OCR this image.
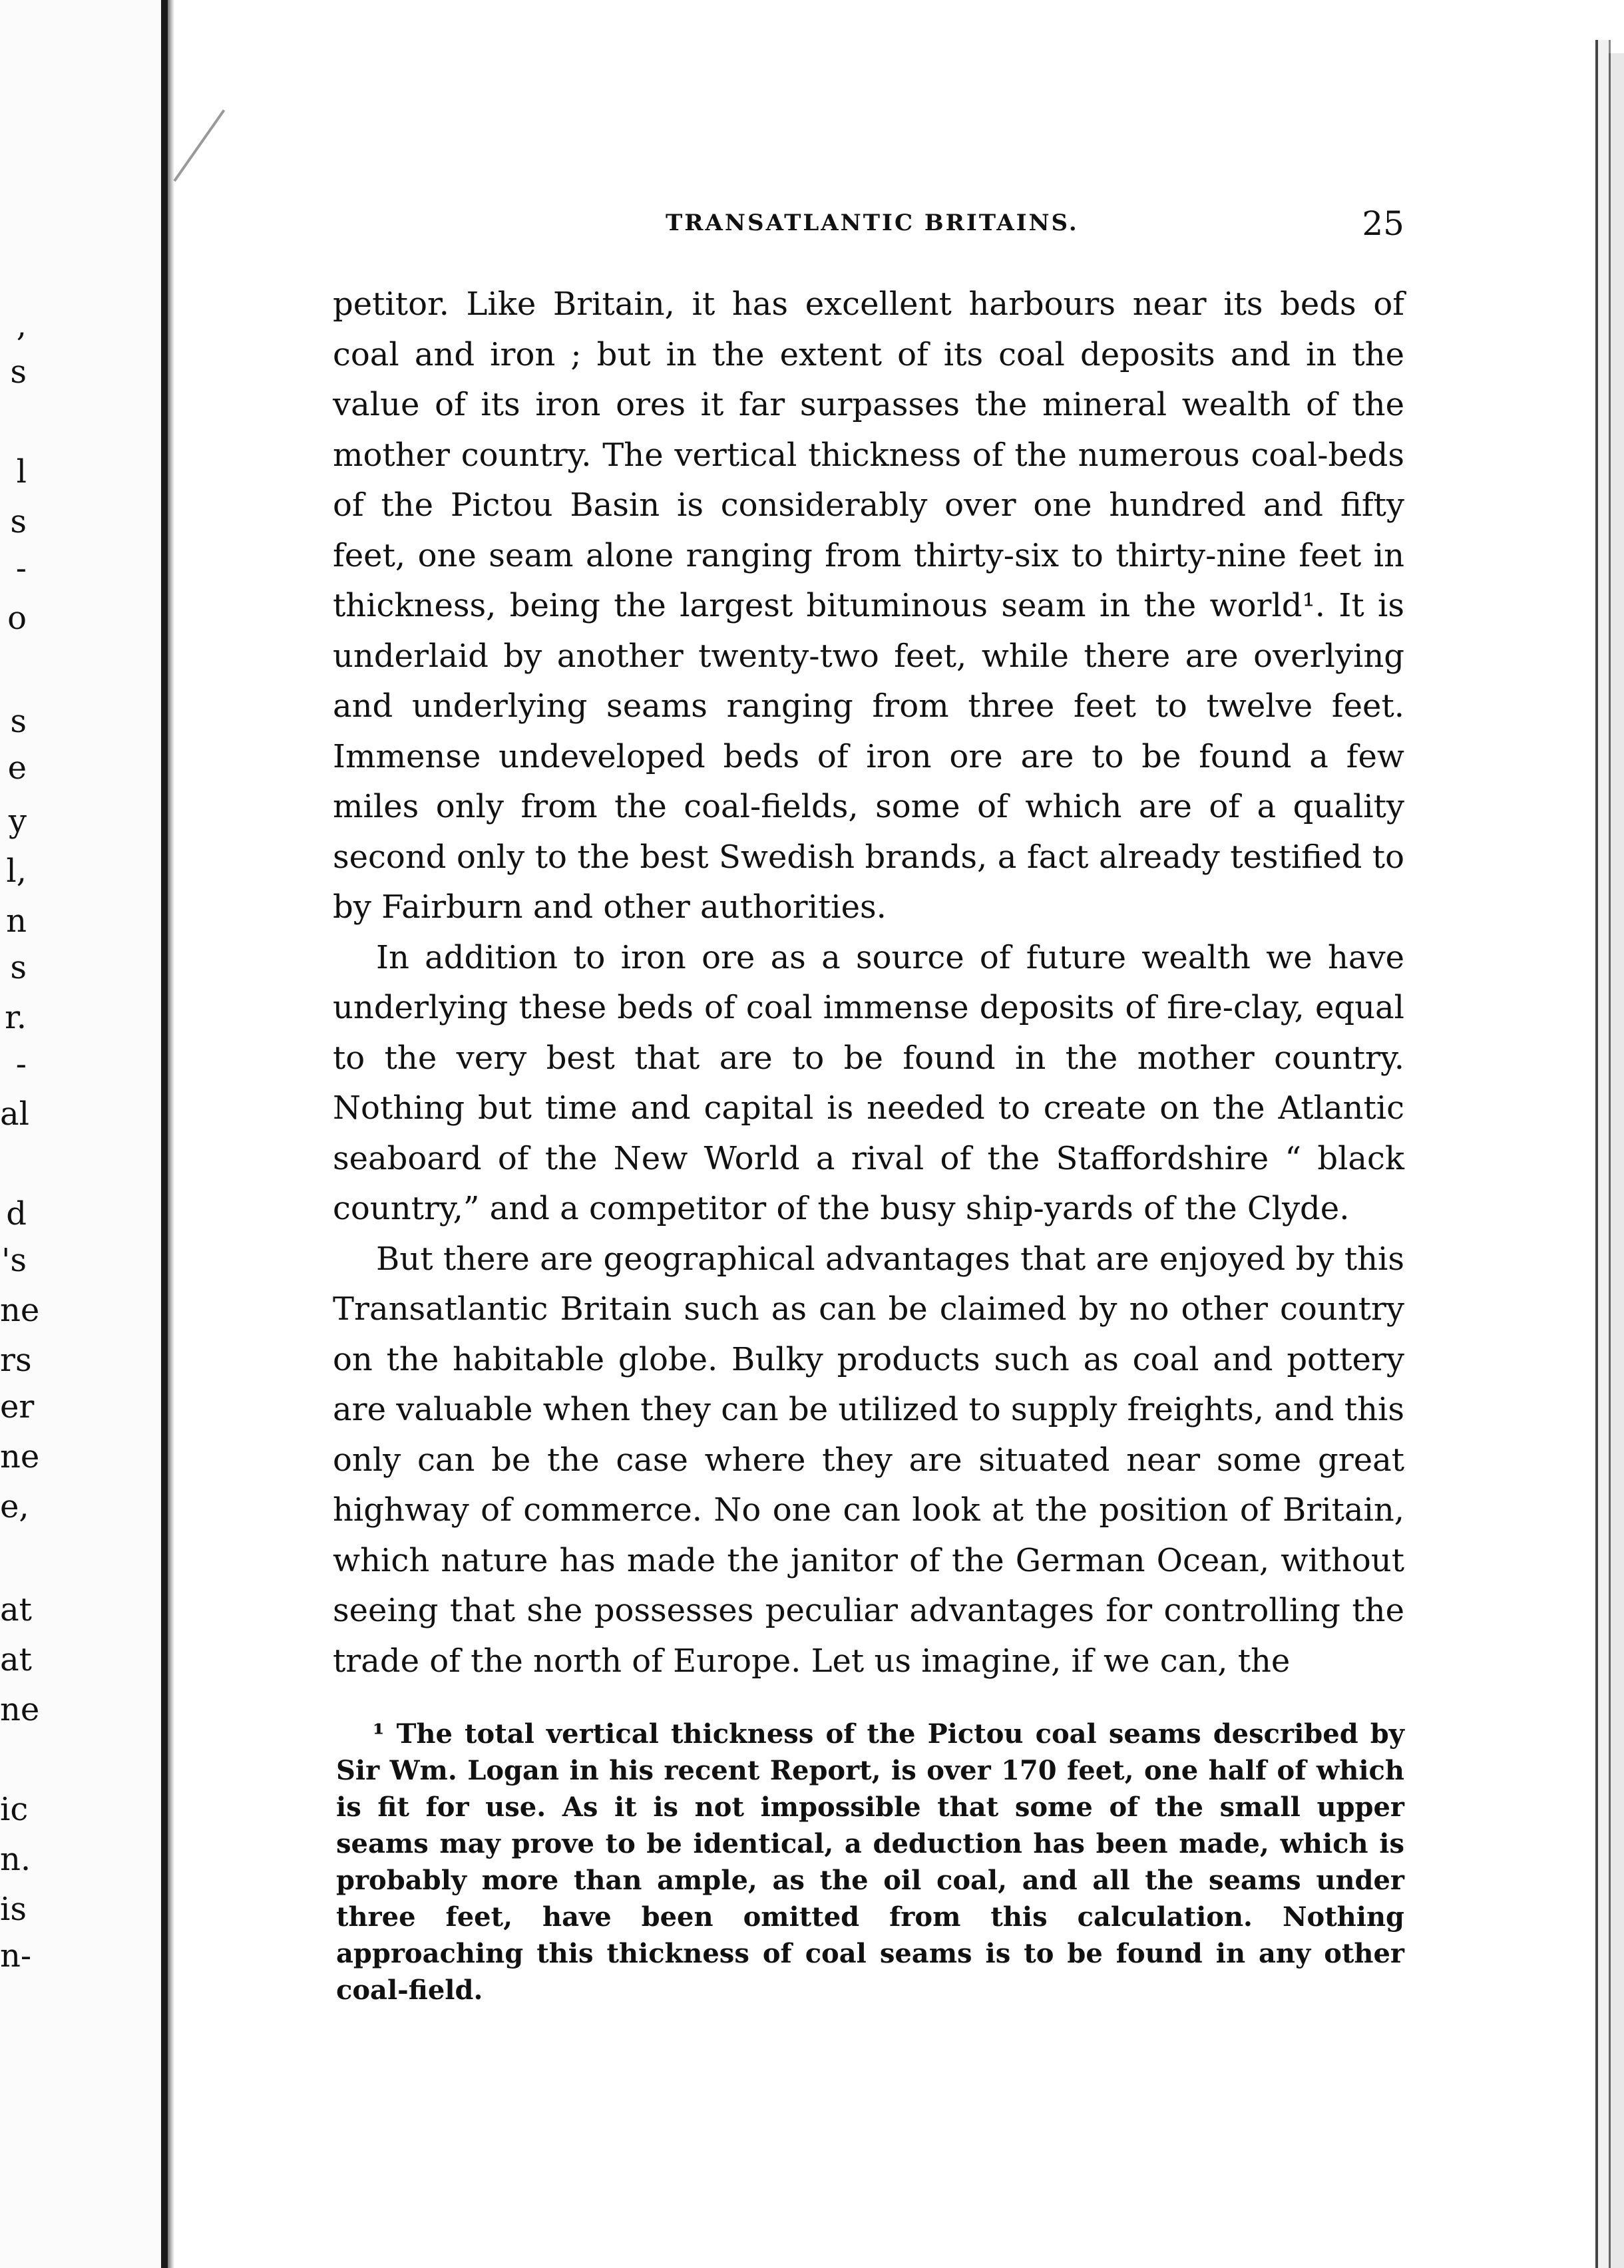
,
s
l
s
-
o
s
e
y
l,
n
s
r.
-
al
d
's
ne
rs
er
ne
e,
at
at
ne
ic
n.
is
n-
TRANSATLANTIC BRITAINS.	25

petitor. Like Britain, it has excellent harbours near its beds of coal and iron ; but in the extent of its coal deposits and in the value of its iron ores it far surpasses the mineral wealth of the mother country. The vertical thickness of the numerous coal-beds of the Pictou Basin is considerably over one hundred and fifty feet, one seam alone ranging from thirty-six to thirty-nine feet in thickness, being the largest bituminous seam in the world¹. It is underlaid by another twenty-two feet, while there are overlying and underlying seams ranging from three feet to twelve feet. Immense undeveloped beds of iron ore are to be found a few miles only from the coal-fields, some of which are of a quality second only to the best Swedish brands, a fact already testified to by Fairburn and other authorities.

In addition to iron ore as a source of future wealth we have underlying these beds of coal immense deposits of fire-clay, equal to the very best that are to be found in the mother country. Nothing but time and capital is needed to create on the Atlantic seaboard of the New World a rival of the Staffordshire “ black country,” and a competitor of the busy ship-yards of the Clyde.

But there are geographical advantages that are enjoyed by this Transatlantic Britain such as can be claimed by no other country on the habitable globe. Bulky products such as coal and pottery are valuable when they can be utilized to supply freights, and this only can be the case where they are situated near some great highway of commerce. No one can look at the position of Britain, which nature has made the janitor of the German Ocean, without seeing that she possesses peculiar advantages for controlling the trade of the north of Europe. Let us imagine, if we can, the

¹ The total vertical thickness of the Pictou coal seams described by Sir Wm. Logan in his recent Report, is over 170 feet, one half of which is fit for use. As it is not impossible that some of the small upper seams may prove to be identical, a deduction has been made, which is probably more than ample, as the oil coal, and all the seams under three feet, have been omitted from this calculation. Nothing approaching this thickness of coal seams is to be found in any other coal-field.
